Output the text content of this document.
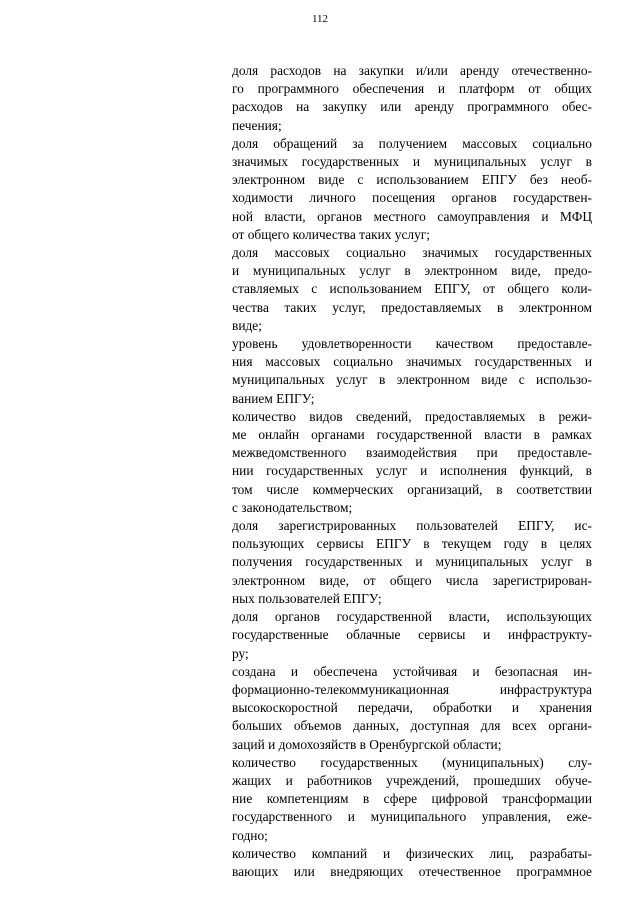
112
доля расходов на закупки и/или аренду отечественно-
го программного обеспечения и платформ от общих
расходов на закупку или аренду программного обес-
печения;
доля обращений за получением массовых социально
значимых государственных и муниципальных услуг в
электронном виде с использованием ЕПГУ без необ-
ходимости личного посещения органов государствен-
ной власти, органов местного самоуправления и МФЦ
от общего количества таких услуг;
доля массовых социально значимых государственных
и муниципальных услуг в электронном виде, предо-
ставляемых с использованием ЕПГУ, от общего коли-
чества таких услуг, предоставляемых в электронном
виде;
уровень удовлетворенности качеством предоставле-
ния массовых социально значимых государственных и
муниципальных услуг в электронном виде с использо-
ванием ЕПГУ;
количество видов сведений, предоставляемых в режи-
ме онлайн органами государственной власти в рамках
межведомственного взаимодействия при предоставле-
нии государственных услуг и исполнения функций, в
том числе коммерческих организаций, в соответствии
с законодательством;
доля зарегистрированных пользователей ЕПГУ, ис-
пользующих сервисы ЕПГУ в текущем году в целях
получения государственных и муниципальных услуг в
электронном виде, от общего числа зарегистрирован-
ных пользователей ЕПГУ;
доля органов государственной власти, использующих
государственные облачные сервисы и инфраструкту-
ру;
создана и обеспечена устойчивая и безопасная ин-
формационно-телекоммуникационная инфраструктура
высокоскоростной передачи, обработки и хранения
больших объемов данных, доступная для всех органи-
заций и домохозяйств в Оренбургской области;
количество государственных (муниципальных) слу-
жащих и работников учреждений, прошедших обуче-
ние компетенциям в сфере цифровой трансформации
государственного и муниципального управления, еже-
годно;
количество компаний и физических лиц, разрабаты-
вающих или внедряющих отечественное программное
